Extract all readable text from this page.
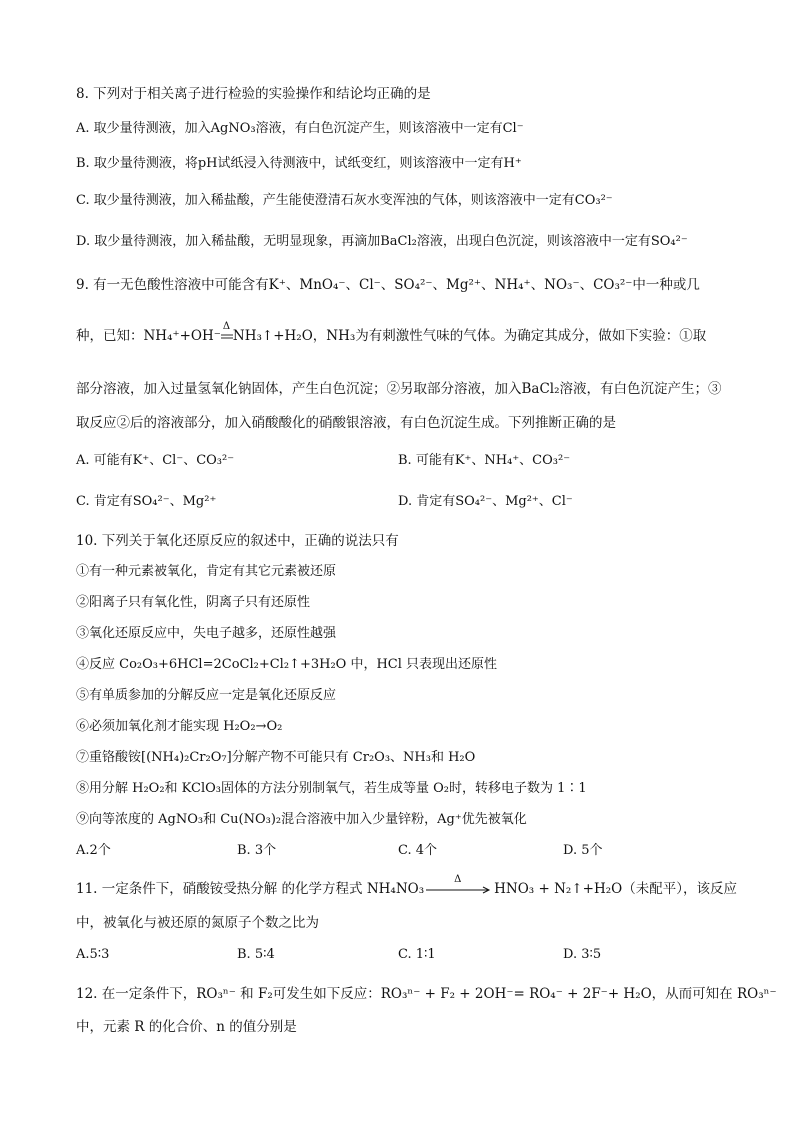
8. 下列对于相关离子进行检验的实验操作和结论均正确的是
A. 取少量待测液，加入AgNO₃溶液，有白色沉淀产生，则该溶液中一定有Cl⁻
B. 取少量待测液，将pH试纸浸入待测液中，试纸变红，则该溶液中一定有H⁺
C. 取少量待测液，加入稀盐酸，产生能使澄清石灰水变浑浊的气体，则该溶液中一定有CO₃²⁻
D. 取少量待测液，加入稀盐酸，无明显现象，再滴加BaCl₂溶液，出现白色沉淀，则该溶液中一定有SO₄²⁻
9. 有一无色酸性溶液中可能含有K⁺、MnO₄⁻、Cl⁻、SO₄²⁻、Mg²⁺、NH₄⁺、NO₃⁻、CO₃²⁻中一种或几
种，已知：NH₄⁺+OH⁻
Δ
NH₃↑+H₂O，NH₃为有刺激性气味的气体。为确定其成分，做如下实验：①取
部分溶液，加入过量氢氧化钠固体，产生白色沉淀；②另取部分溶液，加入BaCl₂溶液，有白色沉淀产生；③
取反应②后的溶液部分，加入硝酸酸化的硝酸银溶液，有白色沉淀生成。下列推断正确的是
A. 可能有K⁺、Cl⁻、CO₃²⁻	B. 可能有K⁺、NH₄⁺、CO₃²⁻
C. 肯定有SO₄²⁻、Mg²⁺	D. 肯定有SO₄²⁻、Mg²⁺、Cl⁻
10. 下列关于氧化还原反应的叙述中，正确的说法只有
①有一种元素被氧化，肯定有其它元素被还原
②阳离子只有氧化性，阴离子只有还原性
③氧化还原反应中，失电子越多，还原性越强
④反应 Co₂O₃+6HCl=2CoCl₂+Cl₂↑+3H₂O 中，HCl 只表现出还原性
⑤有单质参加的分解反应一定是氧化还原反应
⑥必须加氧化剂才能实现 H₂O₂→O₂
⑦重铬酸铵[(NH₄)₂Cr₂O₇]分解产物不可能只有 Cr₂O₃、NH₃和 H₂O
⑧用分解 H₂O₂和 KClO₃固体的方法分别制氧气，若生成等量 O₂时，转移电子数为 1∶1
⑨向等浓度的 AgNO₃和 Cu(NO₃)₂混合溶液中加入少量锌粉，Ag⁺优先被氧化
A.2个	B. 3个	C. 4个	D. 5个
11. 一定条件下，硝酸铵受热分解 的化学方程式 NH₄NO₃
Δ
HNO₃ + N₂↑+H₂O（未配平），该反应
中，被氧化与被还原的氮原子个数之比为
A.5∶3	B. 5∶4	C. 1∶1	D. 3∶5
12. 在一定条件下，RO₃ⁿ⁻ 和 F₂可发生如下反应：RO₃ⁿ⁻ + F₂ + 2OH⁻= RO₄⁻ + 2F⁻+ H₂O，从而可知在 RO₃ⁿ⁻
中，元素 R 的化合价、n 的值分别是
